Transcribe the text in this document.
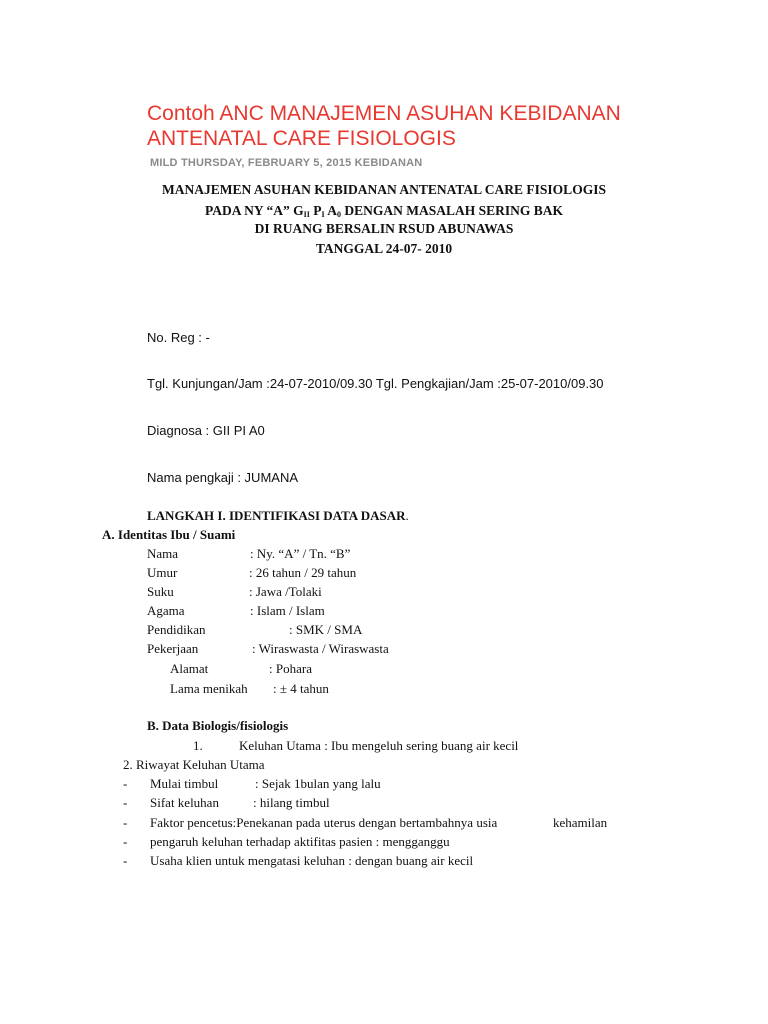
Contoh ANC MANAJEMEN ASUHAN KEBIDANAN
ANTENATAL CARE FISIOLOGIS
MILD THURSDAY, FEBRUARY 5, 2015 KEBIDANAN
MANAJEMEN ASUHAN KEBIDANAN ANTENATAL CARE FISIOLOGIS
PADA NY “A” $G_{II}$ $P_I$ $A_0$ DENGAN MASALAH SERING BAK
DI RUANG BERSALIN RSUD ABUNAWAS
TANGGAL 24-07- 2010
No. Reg : -
Tgl. Kunjungan/Jam :24-07-2010/09.30 Tgl. Pengkajian/Jam :25-07-2010/09.30
Diagnosa : GII PI A0
Nama pengkaji : JUMANA
LANGKAH I. IDENTIFIKASI DATA DASAR.
A. Identitas Ibu / Suami
Nama	: Ny. “A” / Tn. “B”
Umur	: 26 tahun / 29 tahun
Suku	: Jawa /Tolaki
Agama	: Islam / Islam
Pendidikan	: SMK / SMA
Pekerjaan	: Wiraswasta / Wiraswasta
Alamat	: Pohara
Lama menikah : ± 4 tahun
B. Data Biologis/fisiologis
1.	Keluhan Utama : Ibu mengeluh sering buang air kecil
2. Riwayat Keluhan Utama
- Mulai timbul	: Sejak 1bulan yang lalu
- Sifat keluhan	: hilang timbul
- Faktor pencetus:Penekanan pada uterus dengan bertambahnya usia	kehamilan
- pengaruh keluhan terhadap aktifitas pasien : mengganggu
- Usaha klien untuk mengatasi keluhan : dengan buang air kecil
